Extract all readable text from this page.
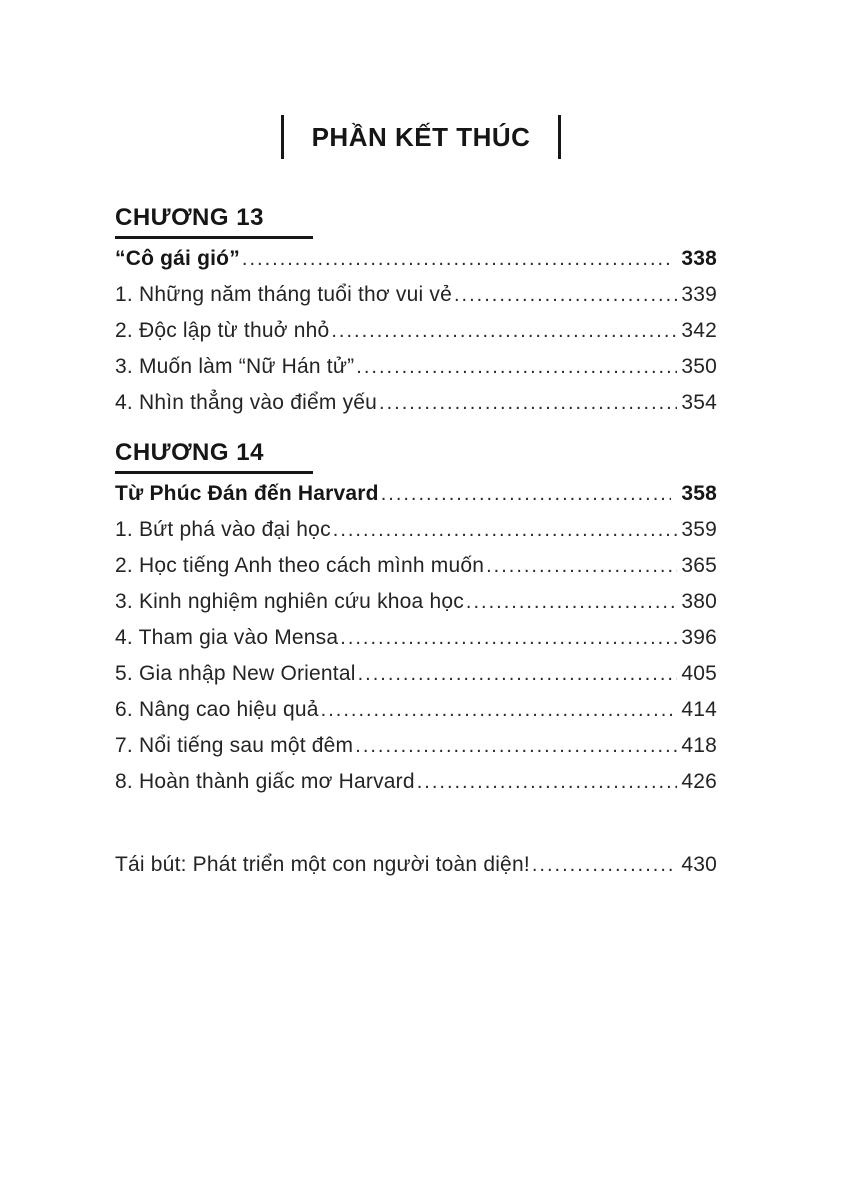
PHẦN KẾT THÚC
CHƯƠNG 13
“Cô gái gió” .....	338
1. Những năm tháng tuổi thơ vui vẻ .....	339
2. Độc lập từ thuở nhỏ .....	342
3. Muốn làm “Nữ Hán tử” .....	350
4. Nhìn thẳng vào điểm yếu .....	354
CHƯƠNG 14
Từ Phúc Đán đến Harvard .....	358
1. Bứt phá vào đại học .....	359
2. Học tiếng Anh theo cách mình muốn .....	365
3. Kinh nghiệm nghiên cứu khoa học .....	380
4. Tham gia vào Mensa .....	396
5. Gia nhập New Oriental .....	405
6. Nâng cao hiệu quả .....	414
7. Nổi tiếng sau một đêm .....	418
8. Hoàn thành giấc mơ Harvard .....	426
Tái bút: Phát triển một con người toàn diện! .....	430
